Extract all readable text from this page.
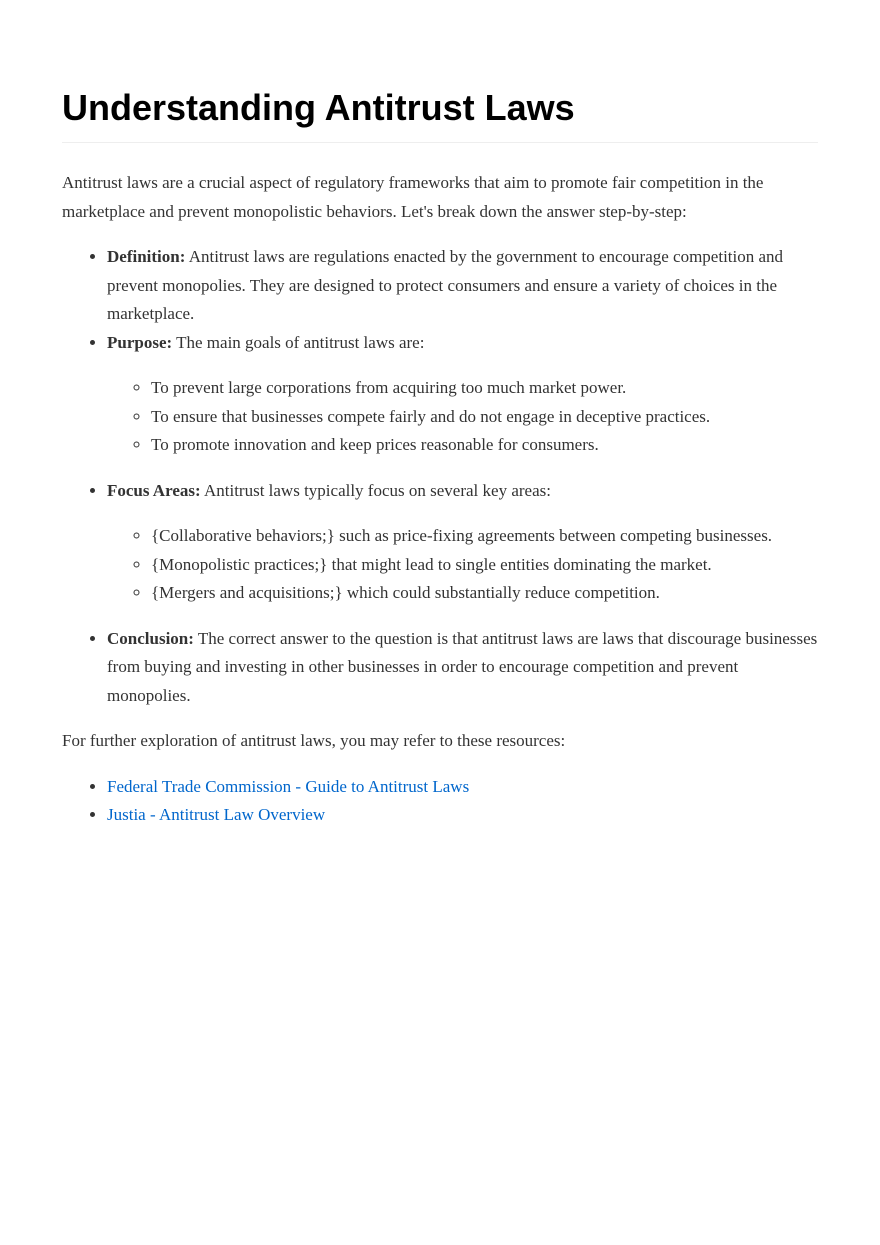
Understanding Antitrust Laws

Antitrust laws are a crucial aspect of regulatory frameworks that aim to promote fair competition in the marketplace and prevent monopolistic behaviors. Let's break down the answer step-by-step:

• Definition: Antitrust laws are regulations enacted by the government to encourage competition and prevent monopolies. They are designed to protect consumers and ensure a variety of choices in the marketplace.
• Purpose: The main goals of antitrust laws are:
◦ To prevent large corporations from acquiring too much market power.
◦ To ensure that businesses compete fairly and do not engage in deceptive practices.
◦ To promote innovation and keep prices reasonable for consumers.
• Focus Areas: Antitrust laws typically focus on several key areas:
◦ {Collaborative behaviors;} such as price-fixing agreements between competing businesses.
◦ {Monopolistic practices;} that might lead to single entities dominating the market.
◦ {Mergers and acquisitions;} which could substantially reduce competition.
• Conclusion: The correct answer to the question is that antitrust laws are laws that discourage businesses from buying and investing in other businesses in order to encourage competition and prevent monopolies.

For further exploration of antitrust laws, you may refer to these resources:

• Federal Trade Commission - Guide to Antitrust Laws
• Justia - Antitrust Law Overview
